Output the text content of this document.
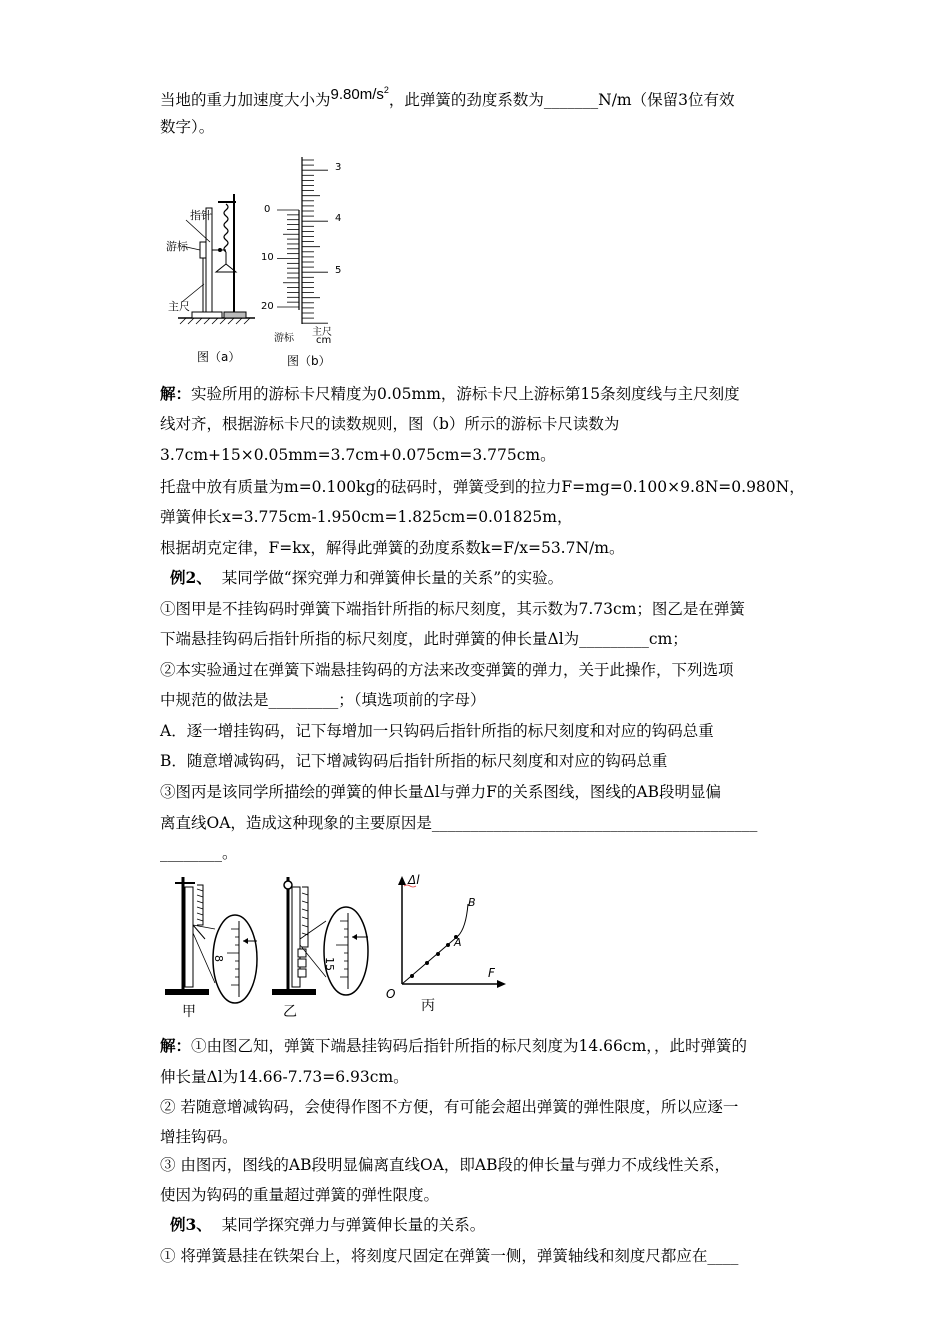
当地的重力加速度大小为$9.80m/s^2$，此弹簧的劲度系数为_______N/m（保留3位有效
数字）。
指针
游标
主尺
图（a）
3
4
5
0
10
20
游标
主尺
cm
图（b）
解：实验所用的游标卡尺精度为0.05mm，游标卡尺上游标第15条刻度线与主尺刻度
线对齐，根据游标卡尺的读数规则，图（b）所示的游标卡尺读数为
3.7cm+15×0.05mm=3.7cm+0.075cm=3.775cm。
托盘中放有质量为m=0.100kg的砝码时，弹簧受到的拉力F=mg=0.100×9.8N=0.980N，
弹簧伸长x=3.775cm-1.950cm=1.825cm=0.01825m，
根据胡克定律，F=kx，解得此弹簧的劲度系数k=F/x=53.7N/m。
例2、 某同学做“探究弹力和弹簧伸长量的关系”的实验。
①图甲是不挂钩码时弹簧下端指针所指的标尺刻度，其示数为7.73cm；图乙是在弹簧
下端悬挂钩码后指针所指的标尺刻度，此时弹簧的伸长量Δl为_________cm；
②本实验通过在弹簧下端悬挂钩码的方法来改变弹簧的弹力，关于此操作，下列选项
中规范的做法是_________；（填选项前的字母）
A．逐一增挂钩码，记下每增加一只钩码后指针所指的标尺刻度和对应的钩码总重
B．随意增减钩码，记下增减钩码后指针所指的标尺刻度和对应的钩码总重
③图丙是该同学所描绘的弹簧的伸长量Δl与弹力F的关系图线，图线的AB段明显偏
离直线OA，造成这种现象的主要原因是__________________________________________
________。
8
甲
15
乙
Δl
F
O
A
B
丙
解：①由图乙知，弹簧下端悬挂钩码后指针所指的标尺刻度为14.66cm，，此时弹簧的
伸长量Δl为14.66-7.73=6.93cm。
② 若随意增减钩码，会使得作图不方便，有可能会超出弹簧的弹性限度，所以应逐一
增挂钩码。
③ 由图丙，图线的AB段明显偏离直线OA，即AB段的伸长量与弹力不成线性关系，
使因为钩码的重量超过弹簧的弹性限度。
例3、 某同学探究弹力与弹簧伸长量的关系。
① 将弹簧悬挂在铁架台上，将刻度尺固定在弹簧一侧，弹簧轴线和刻度尺都应在____
